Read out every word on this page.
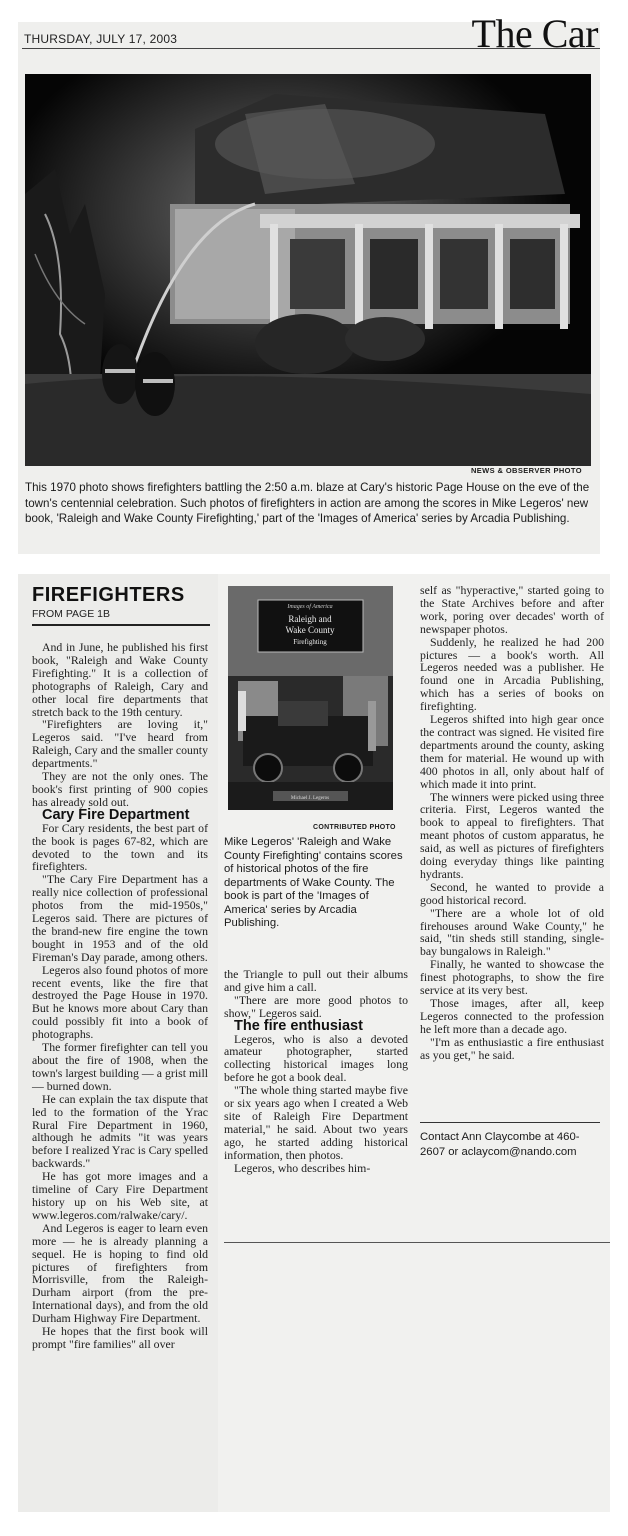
THURSDAY, JULY 17, 2003	The Car
NEWS & OBSERVER PHOTO
This 1970 photo shows firefighters battling the 2:50 a.m. blaze at Cary's historic Page House on the eve of the town's centennial celebration. Such photos of firefighters in action are among the scores in Mike Legeros' new book, 'Raleigh and Wake County Firefighting,' part of the 'Images of America' series by Arcadia Publishing.
FIREFIGHTERS
FROM PAGE 1B

And in June, he published his first book, "Raleigh and Wake County Firefighting." It is a collection of photographs of Raleigh, Cary and other local fire departments that stretch back to the 19th century.

"Firefighters are loving it," Legeros said. "I've heard from Raleigh, Cary and the smaller county departments."

They are not the only ones. The book's first printing of 900 copies has already sold out.

Cary Fire Department

For Cary residents, the best part of the book is pages 67-82, which are devoted to the town and its firefighters.

"The Cary Fire Department has a really nice collection of professional photos from the mid-1950s," Legeros said. There are pictures of the brand-new fire engine the town bought in 1953 and of the old Fireman's Day parade, among others.

Legeros also found photos of more recent events, like the fire that destroyed the Page House in 1970. But he knows more about Cary than could possibly fit into a book of photographs.

The former firefighter can tell you about the fire of 1908, when the town's largest building — a grist mill — burned down.

He can explain the tax dispute that led to the formation of the Yrac Rural Fire Department in 1960, although he admits "it was years before I realized Yrac is Cary spelled backwards."

He has got more images and a timeline of Cary Fire Department history up on his Web site, at www.legeros.com/ralwake/cary/.

And Legeros is eager to learn even more — he is already planning a sequel. He is hoping to find old pictures of firefighters from Morrisville, from the Raleigh-Durham airport (from the pre-International days), and from the old Durham Highway Fire Department.

He hopes that the first book will prompt "fire families" all over

Images of America
Raleigh and
Wake County
Firefighting
Michael J. Legeros
CONTRIBUTED PHOTO
Mike Legeros' 'Raleigh and Wake County Firefighting' contains scores of historical photos of the fire departments of Wake County. The book is part of the 'Images of America' series by Arcadia Publishing.

the Triangle to pull out their albums and give him a call.

"There are more good photos to show," Legeros said.

The fire enthusiast

Legeros, who is also a devoted amateur photographer, started collecting historical images long before he got a book deal.

"The whole thing started maybe five or six years ago when I created a Web site of Raleigh Fire Department material," he said. About two years ago, he started adding historical information, then photos.

Legeros, who describes him-

self as "hyperactive," started going to the State Archives before and after work, poring over decades' worth of newspaper photos.

Suddenly, he realized he had 200 pictures — a book's worth. All Legeros needed was a publisher. He found one in Arcadia Publishing, which has a series of books on firefighting.

Legeros shifted into high gear once the contract was signed. He visited fire departments around the county, asking them for material. He wound up with 400 photos in all, only about half of which made it into print.

The winners were picked using three criteria. First, Legeros wanted the book to appeal to firefighters. That meant photos of custom apparatus, he said, as well as pictures of firefighters doing everyday things like painting hydrants.

Second, he wanted to provide a good historical record.

"There are a whole lot of old firehouses around Wake County," he said, "tin sheds still standing, single-bay bungalows in Raleigh."

Finally, he wanted to showcase the finest photographs, to show the fire service at its very best.

Those images, after all, keep Legeros connected to the profession he left more than a decade ago.

"I'm as enthusiastic a fire enthusiast as you get," he said.

Contact Ann Claycombe at 460-2607 or aclaycom@nando.com
